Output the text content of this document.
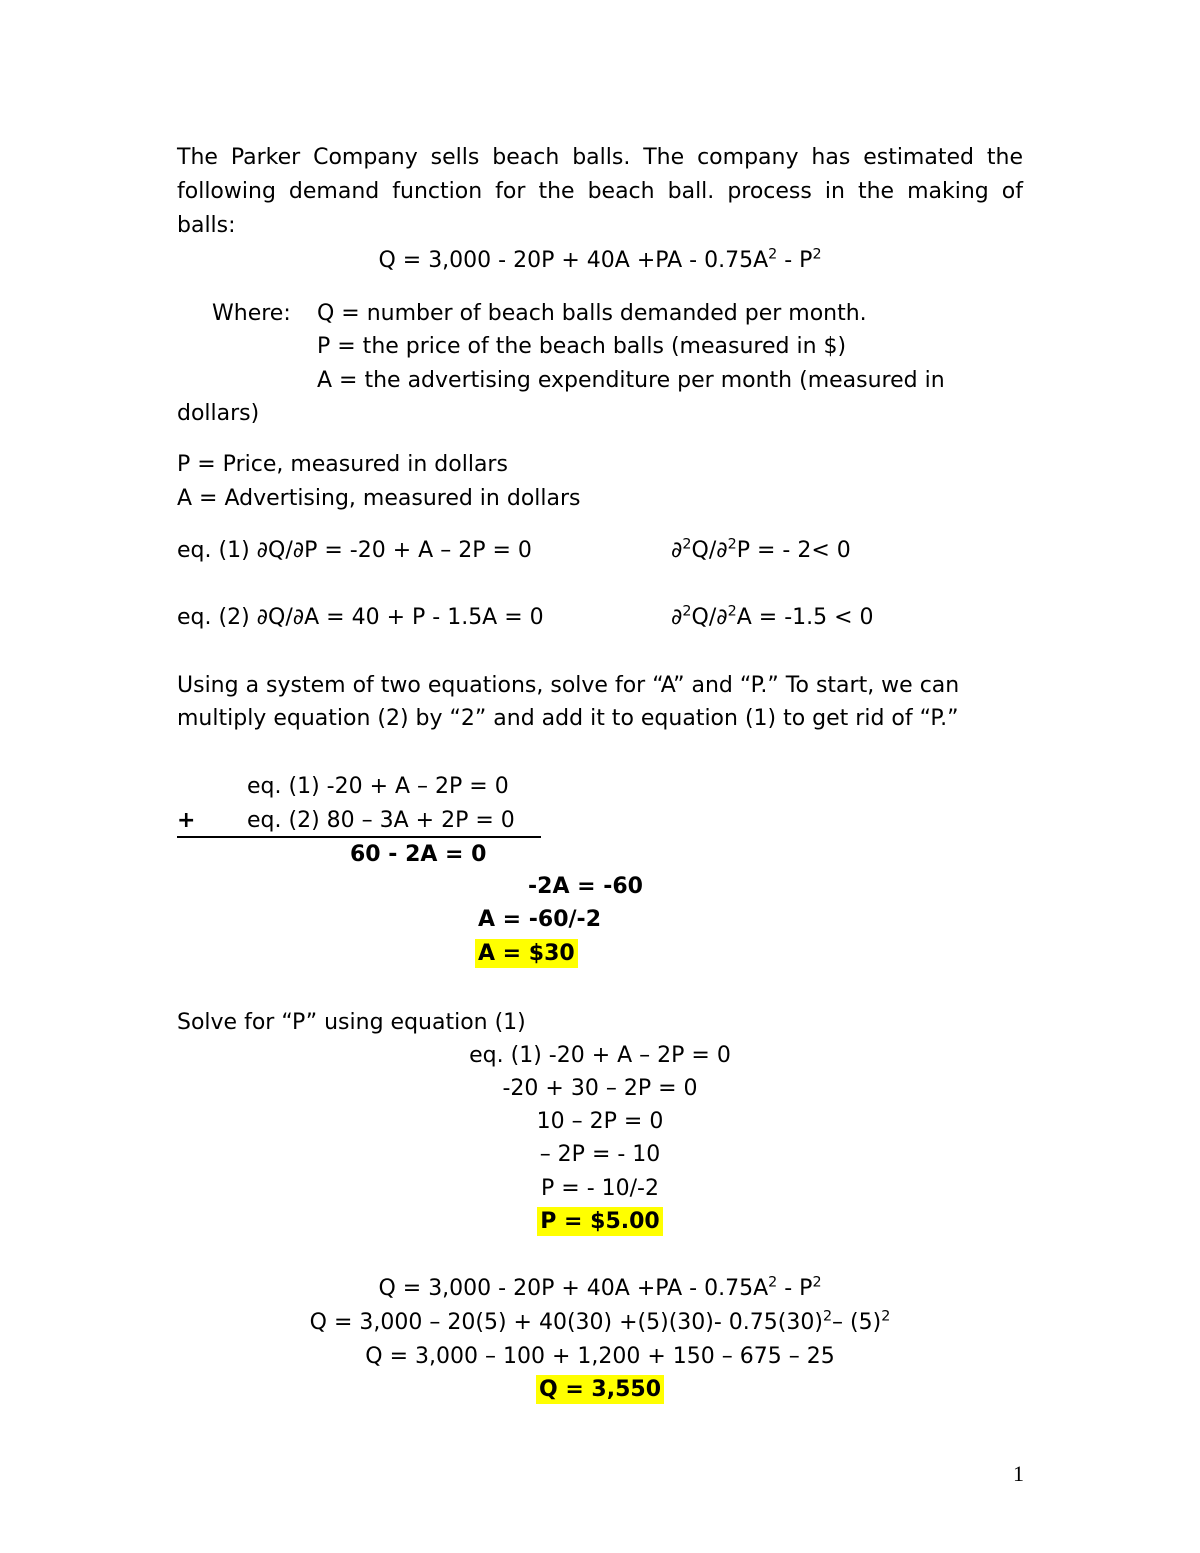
The Parker Company sells beach balls. The company has estimated the
following demand function for the beach ball. process in the making of
balls:
$Q = 3,000 - 20P + 40A +PA - 0.75A^2 - P^2$
Where: Q = number of beach balls demanded per month.
P = the price of the beach balls (measured in $)
A = the advertising expenditure per month (measured in
dollars)
P = Price, measured in dollars
A = Advertising, measured in dollars
eq. (1) ∂Q/∂P = -20 + A – 2P = 0	∂$^2$Q/∂$^2$P = - 2< 0
eq. (2) ∂Q/∂A = 40 + P - 1.5A = 0	∂$^2$Q/∂$^2$A = -1.5 < 0
Using a system of two equations, solve for “A” and “P.” To start, we can
multiply equation (2) by “2” and add it to equation (1) to get rid of “P.”
eq. (1) -20 + A – 2P = 0
+ eq. (2) 80 – 3A + 2P = 0
60 - 2A = 0
-2A = -60
A = -60/-2
A = $30
Solve for “P” using equation (1)
eq. (1) -20 + A – 2P = 0
-20 + 30 – 2P = 0
10 – 2P = 0
– 2P = - 10
P = - 10/-2
P = $5.00
$Q = 3,000 - 20P + 40A +PA - 0.75A^2 - P^2$
Q = 3,000 – 20(5) + 40(30) +(5)(30)- $0.75(30)^2-$ $(5)^2$
Q = 3,000 – 100 + 1,200 + 150 – 675 – 25
Q = 3,550
1
